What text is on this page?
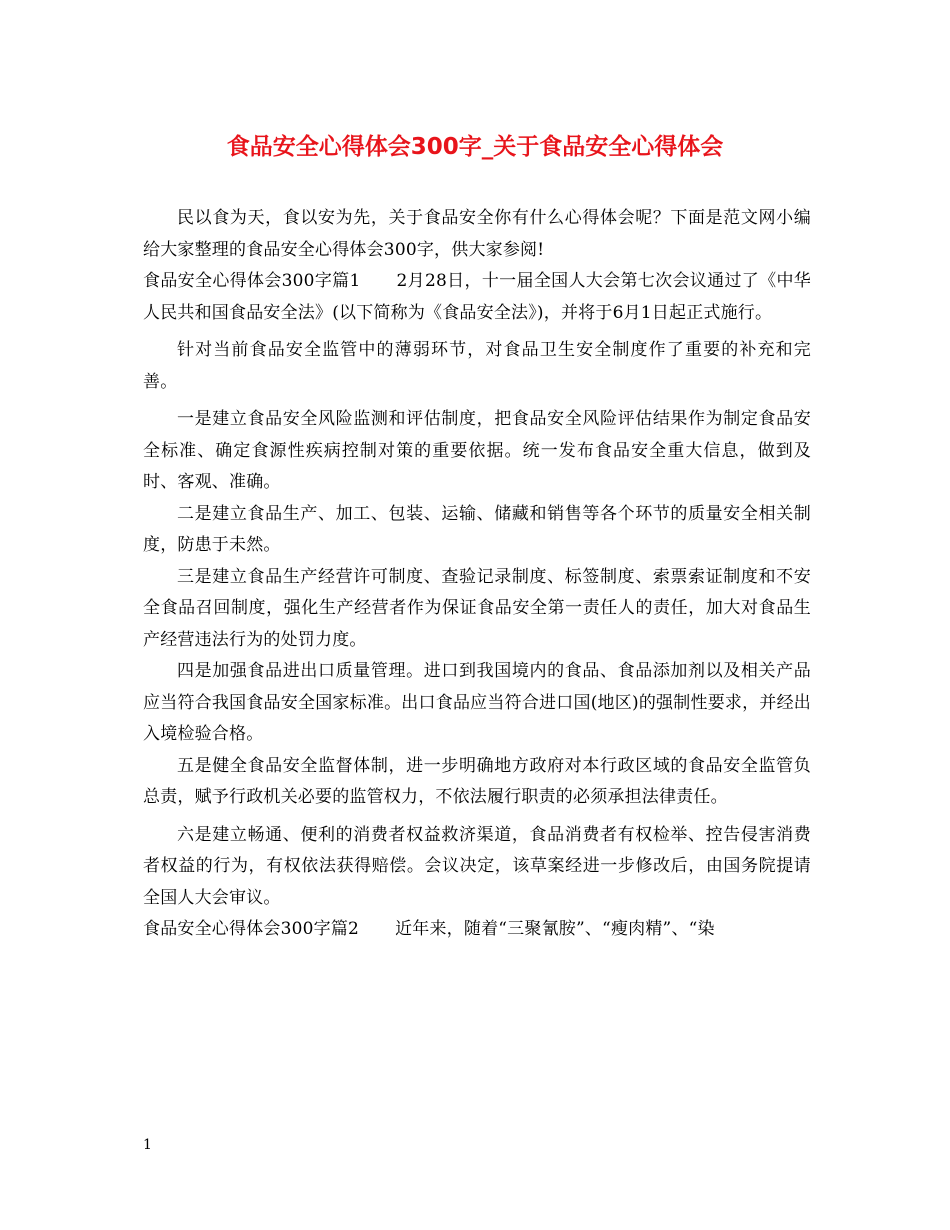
食品安全心得体会300字_关于食品安全心得体会

民以食为天，食以安为先，关于食品安全你有什么心得体会呢？下面是范文网小编给大家整理的食品安全心得体会300字，供大家参阅!

食品安全心得体会300字篇1 2月28日，十一届全国人大会第七次会议通过了《中华人民共和国食品安全法》(以下简称为《食品安全法》)，并将于6月1日起正式施行。

针对当前食品安全监管中的薄弱环节，对食品卫生安全制度作了重要的补充和完善。

一是建立食品安全风险监测和评估制度，把食品安全风险评估结果作为制定食品安全标准、确定食源性疾病控制对策的重要依据。统一发布食品安全重大信息，做到及时、客观、准确。

二是建立食品生产、加工、包装、运输、储藏和销售等各个环节的质量安全相关制度，防患于未然。

三是建立食品生产经营许可制度、查验记录制度、标签制度、索票索证制度和不安全食品召回制度，强化生产经营者作为保证食品安全第一责任人的责任，加大对食品生产经营违法行为的处罚力度。

四是加强食品进出口质量管理。进口到我国境内的食品、食品添加剂以及相关产品应当符合我国食品安全国家标准。出口食品应当符合进口国(地区)的强制性要求，并经出入境检验合格。

五是健全食品安全监督体制，进一步明确地方政府对本行政区域的食品安全监管负总责，赋予行政机关必要的监管权力，不依法履行职责的必须承担法律责任。

六是建立畅通、便利的消费者权益救济渠道，食品消费者有权检举、控告侵害消费者权益的行为，有权依法获得赔偿。会议决定，该草案经进一步修改后，由国务院提请全国人大会审议。

食品安全心得体会300字篇2 近年来，随着“三聚氰胺”、“瘦肉精”、“染

1
